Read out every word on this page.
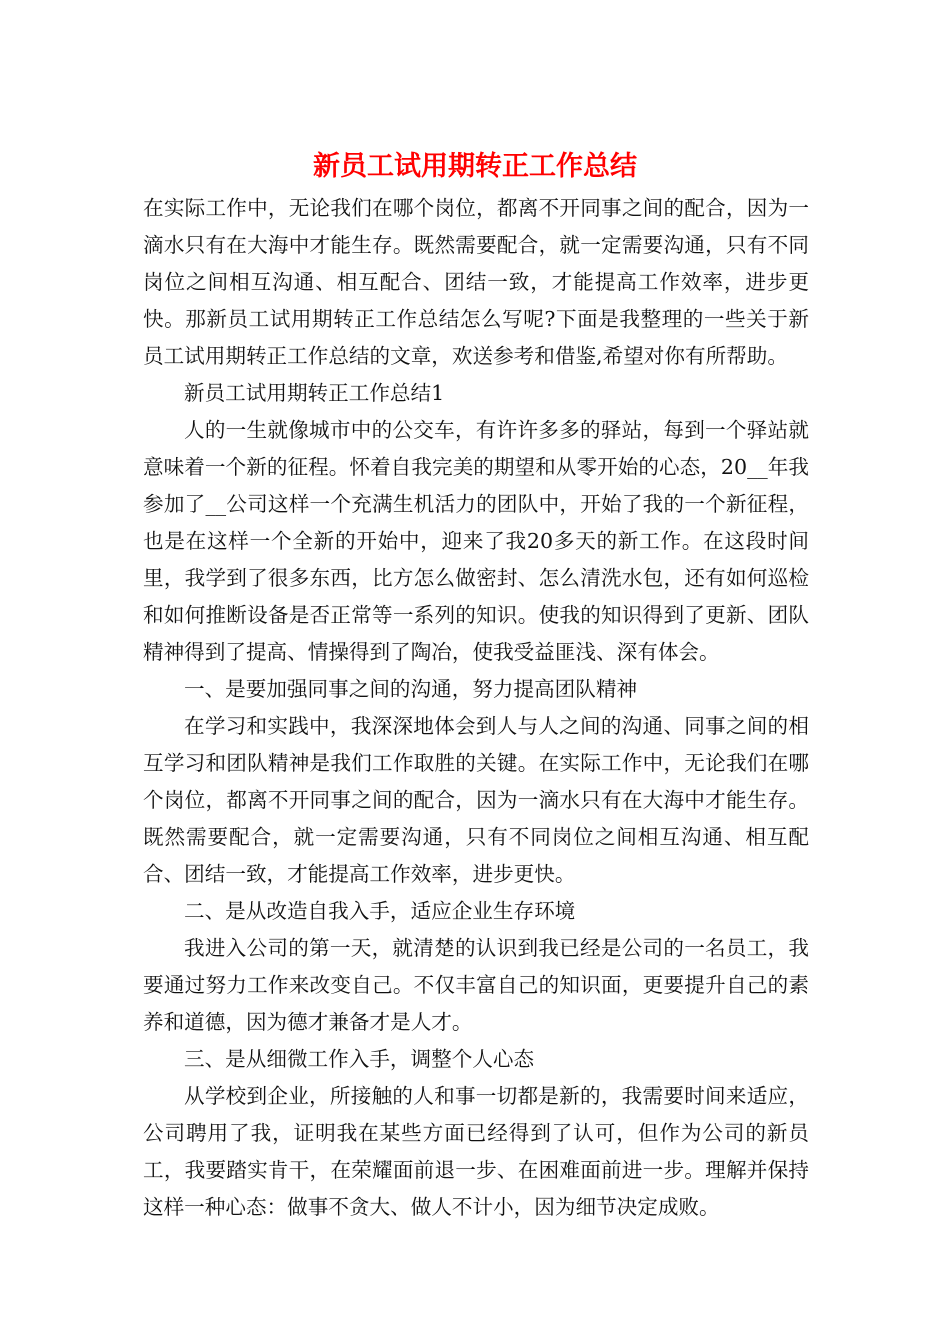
新员工试用期转正工作总结

在实际工作中，无论我们在哪个岗位，都离不开同事之间的配合，因为一滴水只有在大海中才能生存。既然需要配合，就一定需要沟通，只有不同岗位之间相互沟通、相互配合、团结一致，才能提高工作效率，进步更快。那新员工试用期转正工作总结怎么写呢?下面是我整理的一些关于新员工试用期转正工作总结的文章，欢送参考和借鉴,希望对你有所帮助。

新员工试用期转正工作总结1

人的一生就像城市中的公交车，有许许多多的驿站，每到一个驿站就意味着一个新的征程。怀着自我完美的期望和从零开始的心态，20__年我参加了__公司这样一个充满生机活力的团队中，开始了我的一个新征程，也是在这样一个全新的开始中，迎来了我20多天的新工作。在这段时间里，我学到了很多东西，比方怎么做密封、怎么清洗水包，还有如何巡检和如何推断设备是否正常等一系列的知识。使我的知识得到了更新、团队精神得到了提高、情操得到了陶冶，使我受益匪浅、深有体会。

一、是要加强同事之间的沟通，努力提高团队精神

在学习和实践中，我深深地体会到人与人之间的沟通、同事之间的相互学习和团队精神是我们工作取胜的关键。在实际工作中，无论我们在哪个岗位，都离不开同事之间的配合，因为一滴水只有在大海中才能生存。既然需要配合，就一定需要沟通，只有不同岗位之间相互沟通、相互配合、团结一致，才能提高工作效率，进步更快。

二、是从改造自我入手，适应企业生存环境

我进入公司的第一天，就清楚的认识到我已经是公司的一名员工，我要通过努力工作来改变自己。不仅丰富自己的知识面，更要提升自己的素养和道德，因为德才兼备才是人才。

三、是从细微工作入手，调整个人心态

从学校到企业，所接触的人和事一切都是新的，我需要时间来适应，公司聘用了我，证明我在某些方面已经得到了认可，但作为公司的新员工，我要踏实肯干，在荣耀面前退一步、在困难面前进一步。理解并保持这样一种心态：做事不贪大、做人不计小，因为细节决定成败。
